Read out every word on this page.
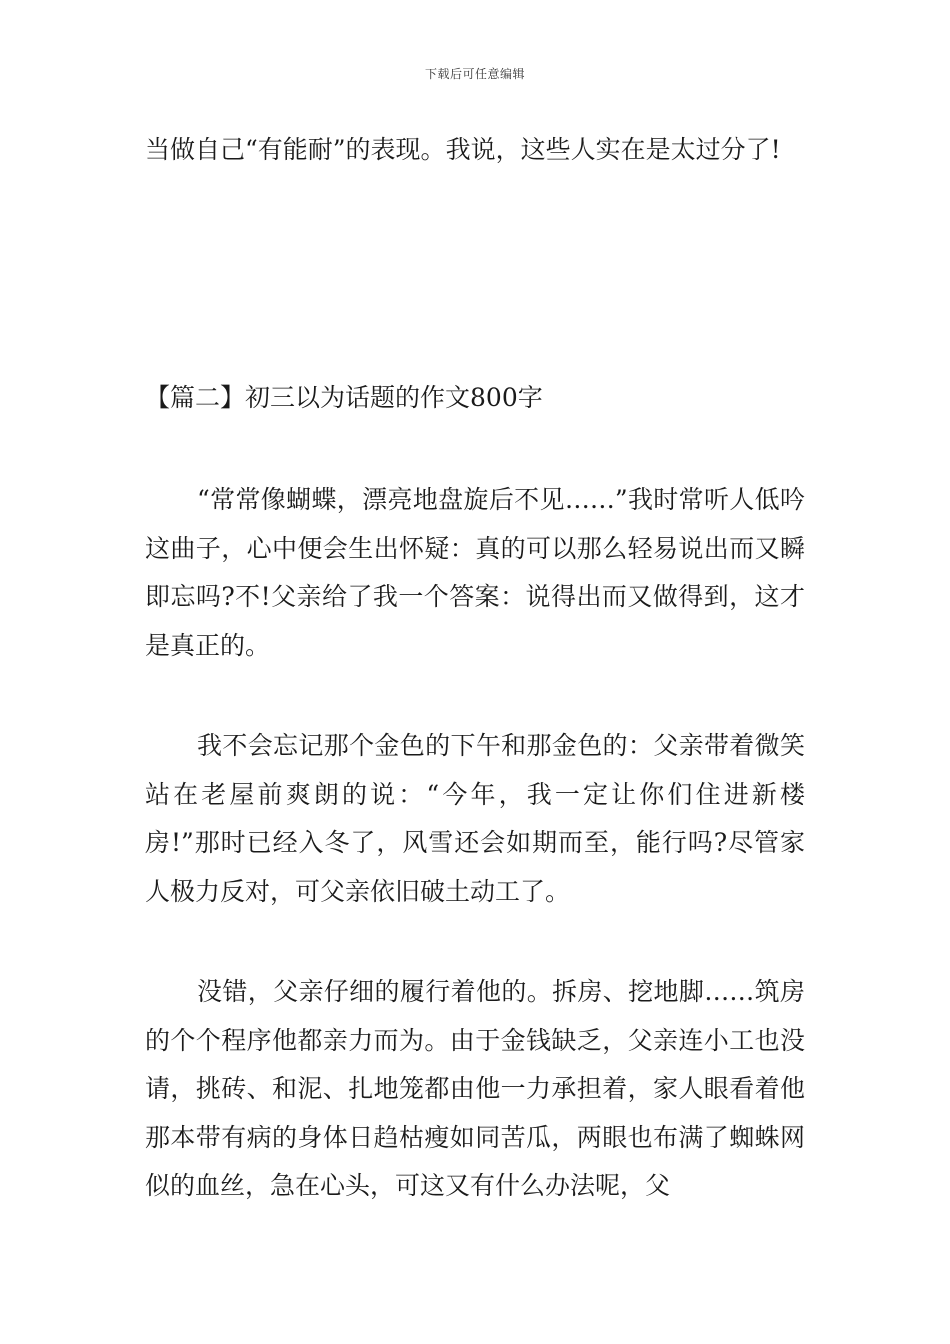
下载后可任意编辑

当做自己“有能耐”的表现。我说，这些人实在是太过分了!

【篇二】初三以为话题的作文800字

“常常像蝴蝶，漂亮地盘旋后不见……”我时常听人低吟这曲子，心中便会生出怀疑：真的可以那么轻易说出而又瞬即忘吗?不!父亲给了我一个答案：说得出而又做得到，这才是真正的。

我不会忘记那个金色的下午和那金色的：父亲带着微笑站在老屋前爽朗的说：“今年，我一定让你们住进新楼房!”那时已经入冬了，风雪还会如期而至，能行吗?尽管家人极力反对，可父亲依旧破土动工了。

没错，父亲仔细的履行着他的。拆房、挖地脚……筑房的个个程序他都亲力而为。由于金钱缺乏，父亲连小工也没请，挑砖、和泥、扎地笼都由他一力承担着，家人眼看着他那本带有病的身体日趋枯瘦如同苦瓜，两眼也布满了蜘蛛网似的血丝，急在心头，可这又有什么办法呢，父
